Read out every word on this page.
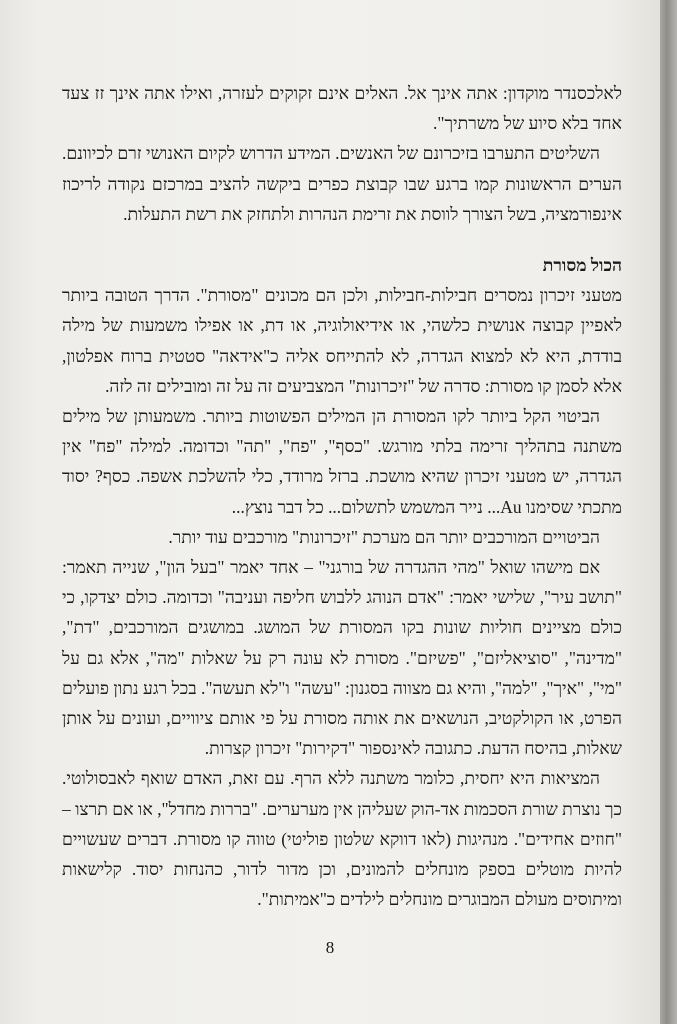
לאלכסנדר מוקדון: אתה אינך אל. האלים אינם זקוקים לעזרה, ואילו אתה אינך זז צעד אחד בלא סיוע של משרתיך".

השליטים התערבו בזיכרונם של האנשים. המידע הדרוש לקיום האנושי זרם לכיוונם. הערים הראשונות קמו ברגע שבו קבוצת כפרים ביקשה להציב במרכזם נקודה לריכוז אינפורמציה, בשל הצורך לווסת את זרימת הנהרות ולתחזק את רשת התעלות.

הכול מסורת

מטעני זיכרון נמסרים חבילות-חבילות, ולכן הם מכונים "מסורת". הדרך הטובה ביותר לאפיין קבוצה אנושית כלשהי, או אידיאולוגיה, או דת, או אפילו משמעות של מילה בודדת, היא לא למצוא הגדרה, לא להתייחס אליה כ"אידאה" סטטית ברוח אפלטון, אלא לסמן קו מסורת: סדרה של "זיכרונות" המצביעים זה על זה ומובילים זה לזה.

הביטוי הקל ביותר לקו המסורת הן המילים הפשוטות ביותר. משמעותן של מילים משתנה בתהליך זרימה בלתי מורגש. "כסף", "פח", "תה" וכדומה. למילה "פח" אין הגדרה, יש מטעני זיכרון שהיא מושכת. ברזל מרודד, כלי להשלכת אשפה. כסף? יסוד מתכתי שסימנו Au... נייר המשמש לתשלום... כל דבר נוצץ...

הביטויים המורכבים יותר הם מערכת "זיכרונות" מורכבים עוד יותר.

אם מישהו שואל "מהי ההגדרה של בורגני" – אחד יאמר "בעל הון", שנייה תאמר: "תושב עיר", שלישי יאמר: "אדם הנוהג ללבוש חליפה ועניבה" וכדומה. כולם יצדקו, כי כולם מציינים חוליות שונות בקו המסורת של המושג. במושגים המורכבים, "דת", "מדינה", "סוציאליזם", "פשיזם". מסורת לא עונה רק על שאלות "מה", אלא גם על "מי", "איך", "למה", והיא גם מצווה בסגנון: "עשה" ו"לא תעשה". בכל רגע נתון פועלים הפרט, או הקולקטיב, הנושאים את אותה מסורת על פי אותם ציוויים, ועונים על אותן שאלות, בהיסח הדעת. כתגובה לאינספור "דקירות" זיכרון קצרות.

המציאות היא יחסית, כלומר משתנה ללא הרף. עם זאת, האדם שואף לאבסולוטי. כך נוצרת שורת הסכמות אד-הוק שעליהן אין מערערים. "בררות מחדל", או אם תרצו – "חוזים אחידים". מנהיגות (לאו דווקא שלטון פוליטי) טווה קו מסורת. דברים שעשויים להיות מוטלים בספק מונחלים להמונים, וכן מדור לדור, כהנחות יסוד. קלישאות ומיתוסים מעולם המבוגרים מונחלים לילדים כ"אמיתות".

8
